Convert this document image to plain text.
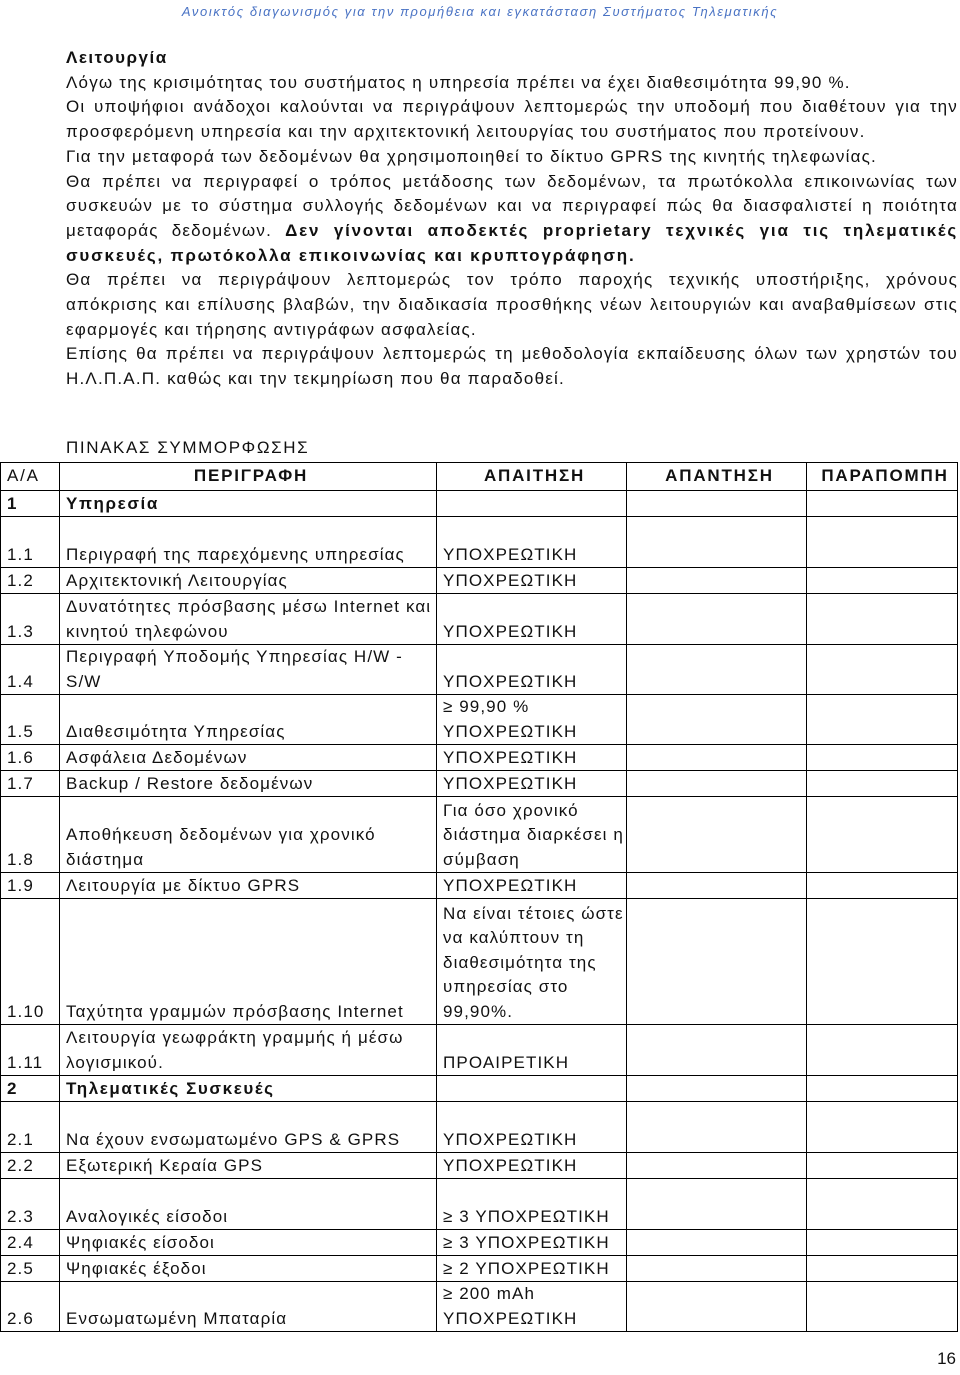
Ανοικτός διαγωνισμός για την προμήθεια και εγκατάσταση Συστήματος Τηλεματικής

Λειτουργία

Λόγω της κρισιμότητας του συστήματος η υπηρεσία πρέπει να έχει διαθεσιμότητα 99,90 %.

Οι υποψήφιοι ανάδοχοι καλούνται να περιγράψουν λεπτομερώς την υποδομή που διαθέτουν για την προσφερόμενη υπηρεσία και την αρχιτεκτονική λειτουργίας του συστήματος που προτείνουν.

Για την μεταφορά των δεδομένων θα χρησιμοποιηθεί το δίκτυο GPRS της κινητής τηλεφωνίας.

Θα πρέπει να περιγραφεί ο τρόπος μετάδοσης των δεδομένων, τα πρωτόκολλα επικοινωνίας των συσκευών με το σύστημα συλλογής δεδομένων και να περιγραφεί πώς θα διασφαλιστεί η ποιότητα μεταφοράς δεδομένων. Δεν γίνονται αποδεκτές proprietary τεχνικές για τις τηλεματικές συσκευές, πρωτόκολλα επικοινωνίας και κρυπτογράφηση.

Θα πρέπει να περιγράψουν λεπτομερώς τον τρόπο παροχής τεχνικής υποστήριξης, χρόνους απόκρισης και επίλυσης βλαβών, την διαδικασία προσθήκης νέων λειτουργιών και αναβαθμίσεων στις εφαρμογές και τήρησης αντιγράφων ασφαλείας.

Επίσης θα πρέπει να περιγράψουν λεπτομερώς τη μεθοδολογία εκπαίδευσης όλων των χρηστών του Η.Λ.Π.Α.Π. καθώς και την τεκμηρίωση που θα παραδοθεί.

ΠΙΝΑΚΑΣ ΣΥΜΜΟΡΦΩΣΗΣ
Α/Α	ΠΕΡΙΓΡΑΦΗ	ΑΠΑΙΤΗΣΗ	ΑΠΑΝΤΗΣΗ	ΠΑΡΑΠΟΜΠΗ
1	Υπηρεσία			
1.1	Περιγραφή της παρεχόμενης υπηρεσίας	ΥΠΟΧΡΕΩΤΙΚΗ		
1.2	Αρχιτεκτονική Λειτουργίας	ΥΠΟΧΡΕΩΤΙΚΗ		
1.3	Δυνατότητες πρόσβασης μέσω Internet και κινητού τηλεφώνου	ΥΠΟΧΡΕΩΤΙΚΗ		
1.4	Περιγραφή Υποδομής Υπηρεσίας H/W - S/W	ΥΠΟΧΡΕΩΤΙΚΗ		
1.5	Διαθεσιμότητα Υπηρεσίας	≥ 99,90 % ΥΠΟΧΡΕΩΤΙΚΗ		
1.6	Ασφάλεια Δεδομένων	ΥΠΟΧΡΕΩΤΙΚΗ		
1.7	Backup / Restore δεδομένων	ΥΠΟΧΡΕΩΤΙΚΗ		
1.8	Αποθήκευση δεδομένων για χρονικό διάστημα	Για όσο χρονικό διάστημα διαρκέσει η σύμβαση		
1.9	Λειτουργία με δίκτυο GPRS	ΥΠΟΧΡΕΩΤΙΚΗ		
1.10	Ταχύτητα γραμμών πρόσβασης Internet	Να είναι τέτοιες ώστε να καλύπτουν τη διαθεσιμότητα της υπηρεσίας στο 99,90%.		
1.11	Λειτουργία γεωφράκτη γραμμής ή μέσω λογισμικού.	ΠΡΟΑΙΡΕΤΙΚΗ		
2	Τηλεματικές Συσκευές			
2.1	Να έχουν ενσωματωμένο GPS & GPRS	ΥΠΟΧΡΕΩΤΙΚΗ		
2.2	Εξωτερική Κεραία GPS	ΥΠΟΧΡΕΩΤΙΚΗ		
2.3	Αναλογικές είσοδοι	≥ 3 ΥΠΟΧΡΕΩΤΙΚΗ		
2.4	Ψηφιακές είσοδοι	≥ 3 ΥΠΟΧΡΕΩΤΙΚΗ		
2.5	Ψηφιακές έξοδοι	≥ 2 ΥΠΟΧΡΕΩΤΙΚΗ		
2.6	Ενσωματωμένη Μπαταρία	≥ 200 mAh ΥΠΟΧΡΕΩΤΙΚΗ		
16
